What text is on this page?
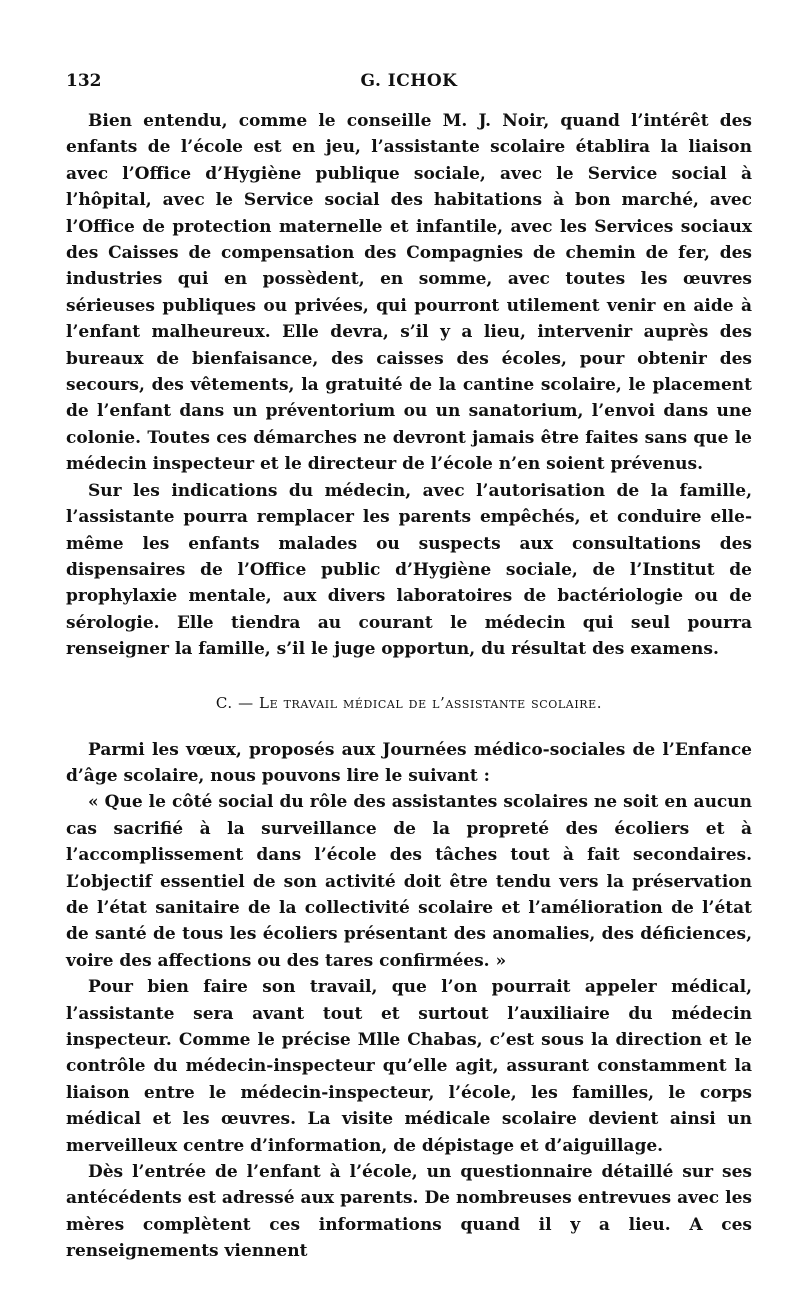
132	G. ICHOK

Bien entendu, comme le conseille M. J. Noir, quand l’intérêt des enfants de l’école est en jeu, l’assistante scolaire établira la liaison avec l’Office d’Hygiène publique sociale, avec le Service social à l’hôpital, avec le Service social des habitations à bon marché, avec l’Office de protection maternelle et infantile, avec les Services sociaux des Caisses de compensation des Compagnies de chemin de fer, des industries qui en possèdent, en somme, avec toutes les œuvres sérieuses publiques ou privées, qui pourront utilement venir en aide à l’enfant malheureux. Elle devra, s’il y a lieu, intervenir auprès des bureaux de bienfaisance, des caisses des écoles, pour obtenir des secours, des vêtements, la gratuité de la cantine scolaire, le placement de l’enfant dans un préventorium ou un sanatorium, l’envoi dans une colonie. Toutes ces démarches ne devront jamais être faites sans que le médecin inspecteur et le directeur de l’école n’en soient prévenus.

Sur les indications du médecin, avec l’autorisation de la famille, l’assistante pourra remplacer les parents empêchés, et conduire elle-même les enfants malades ou suspects aux consultations des dispensaires de l’Office public d’Hygiène sociale, de l’Institut de prophylaxie mentale, aux divers laboratoires de bactériologie ou de sérologie. Elle tiendra au courant le médecin qui seul pourra renseigner la famille, s’il le juge opportun, du résultat des examens.

C. — Le travail médical de l’assistante scolaire.

Parmi les vœux, proposés aux Journées médico-sociales de l’Enfance d’âge scolaire, nous pouvons lire le suivant :

« Que le côté social du rôle des assistantes scolaires ne soit en aucun cas sacrifié à la surveillance de la propreté des écoliers et à l’accomplissement dans l’école des tâches tout à fait secondaires. L’objectif essentiel de son activité doit être tendu vers la préservation de l’état sanitaire de la collectivité scolaire et l’amélioration de l’état de santé de tous les écoliers présentant des anomalies, des déficiences, voire des affections ou des tares confirmées. »

Pour bien faire son travail, que l’on pourrait appeler médical, l’assistante sera avant tout et surtout l’auxiliaire du médecin inspecteur. Comme le précise Mlle Chabas, c’est sous la direction et le contrôle du médecin-inspecteur qu’elle agit, assurant constamment la liaison entre le médecin-inspecteur, l’école, les familles, le corps médical et les œuvres. La visite médicale scolaire devient ainsi un merveilleux centre d’information, de dépistage et d’aiguillage.

Dès l’entrée de l’enfant à l’école, un questionnaire détaillé sur ses antécédents est adressé aux parents. De nombreuses entrevues avec les mères complètent ces informations quand il y a lieu. A ces renseignements viennent
